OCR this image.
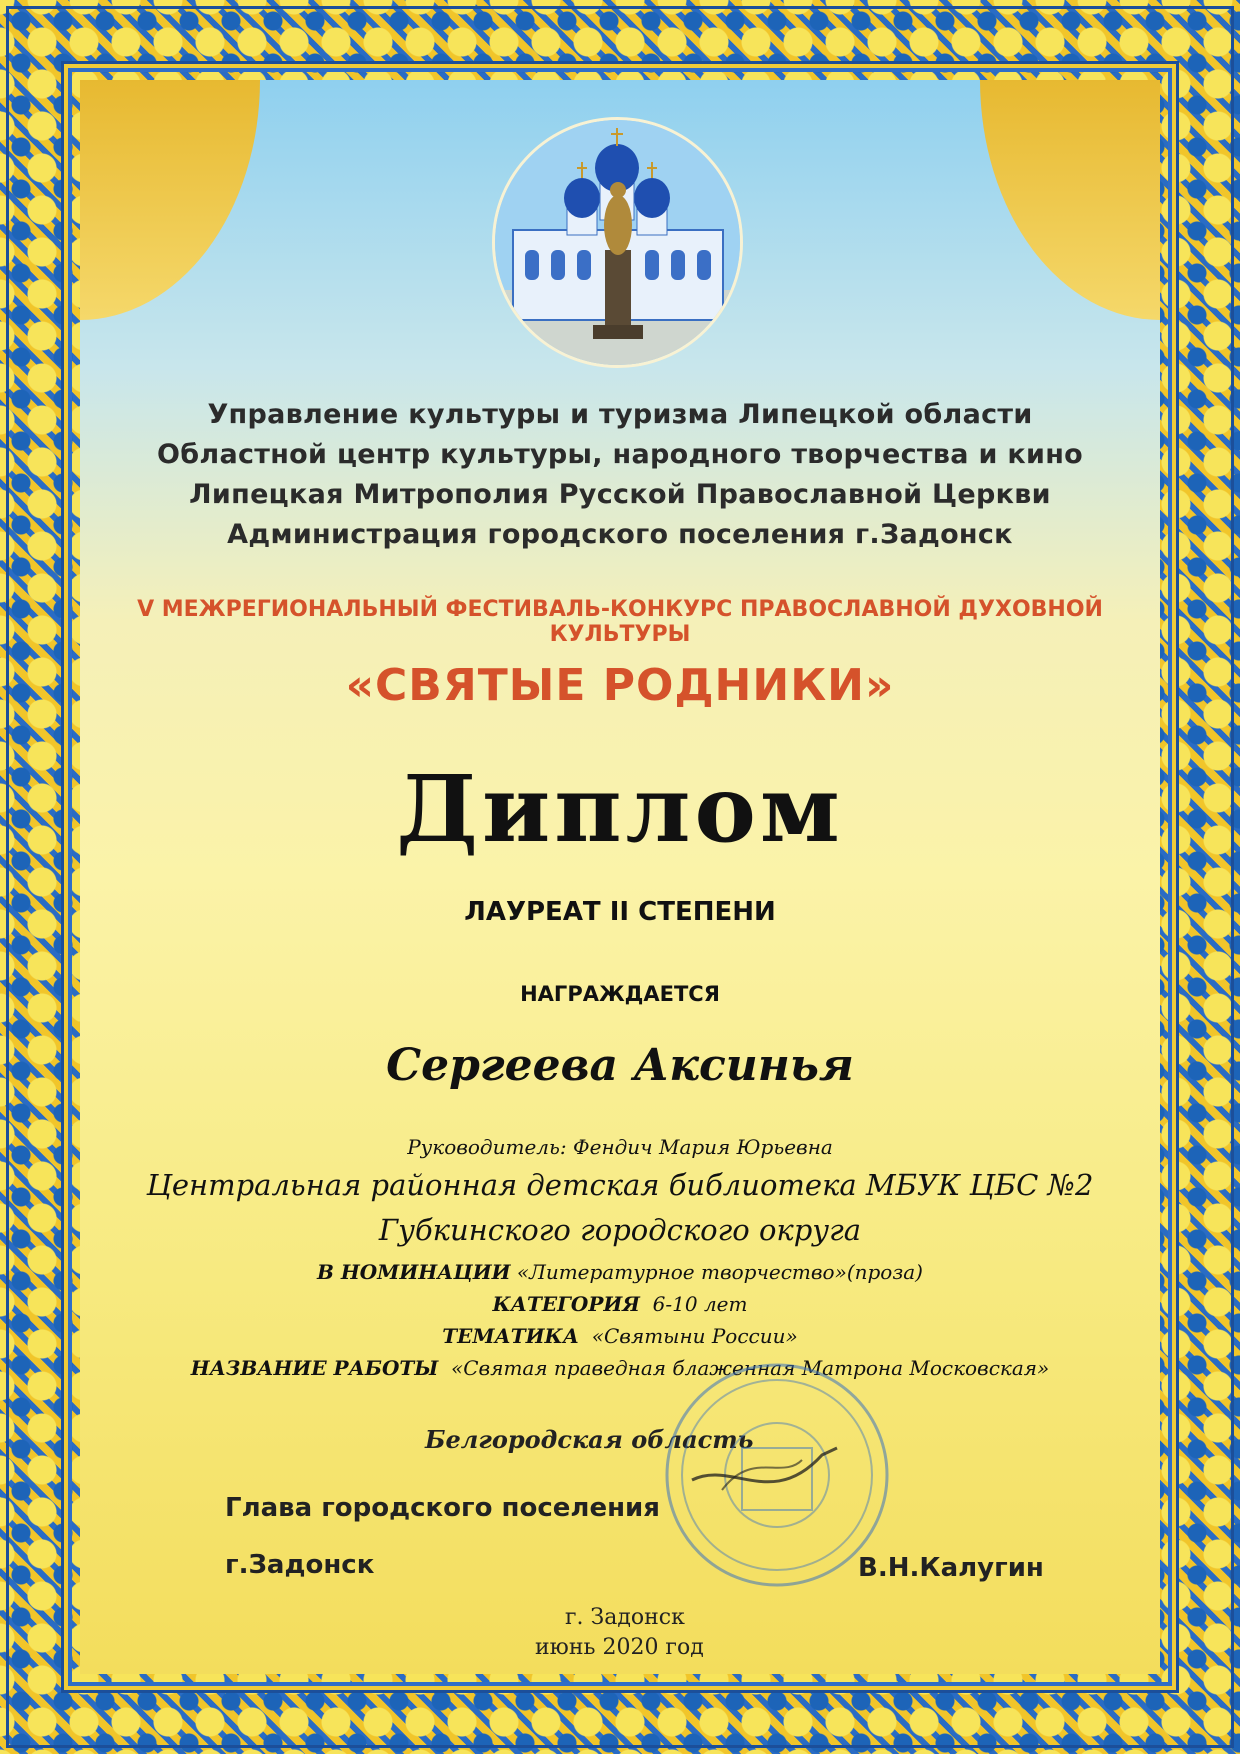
Управление культуры и туризма Липецкой области
Областной центр культуры, народного творчества и кино
Липецкая Митрополия Русской Православной Церкви
Администрация городского поселения г.Задонск
V МЕЖРЕГИОНАЛЬНЫЙ ФЕСТИВАЛЬ-КОНКУРС ПРАВОСЛАВНОЙ ДУХОВНОЙ КУЛЬТУРЫ
«СВЯТЫЕ РОДНИКИ»
Диплом
ЛАУРЕАТ II СТЕПЕНИ
НАГРАЖДАЕТСЯ
Сергеева Аксинья
Руководитель: Фендич Мария Юрьевна
Центральная районная детская библиотека МБУК ЦБС №2
Губкинского городского округа
В НОМИНАЦИИ «Литературное творчество»(проза)
КАТЕГОРИЯ 6-10 лет
ТЕМАТИКА «Святыни России»
НАЗВАНИЕ РАБОТЫ «Святая праведная блаженная Матрона Московская»
Белгородская область
Глава городского поселения
г.Задонск	В.Н.Калугин
г. Задонск
июнь 2020 год
